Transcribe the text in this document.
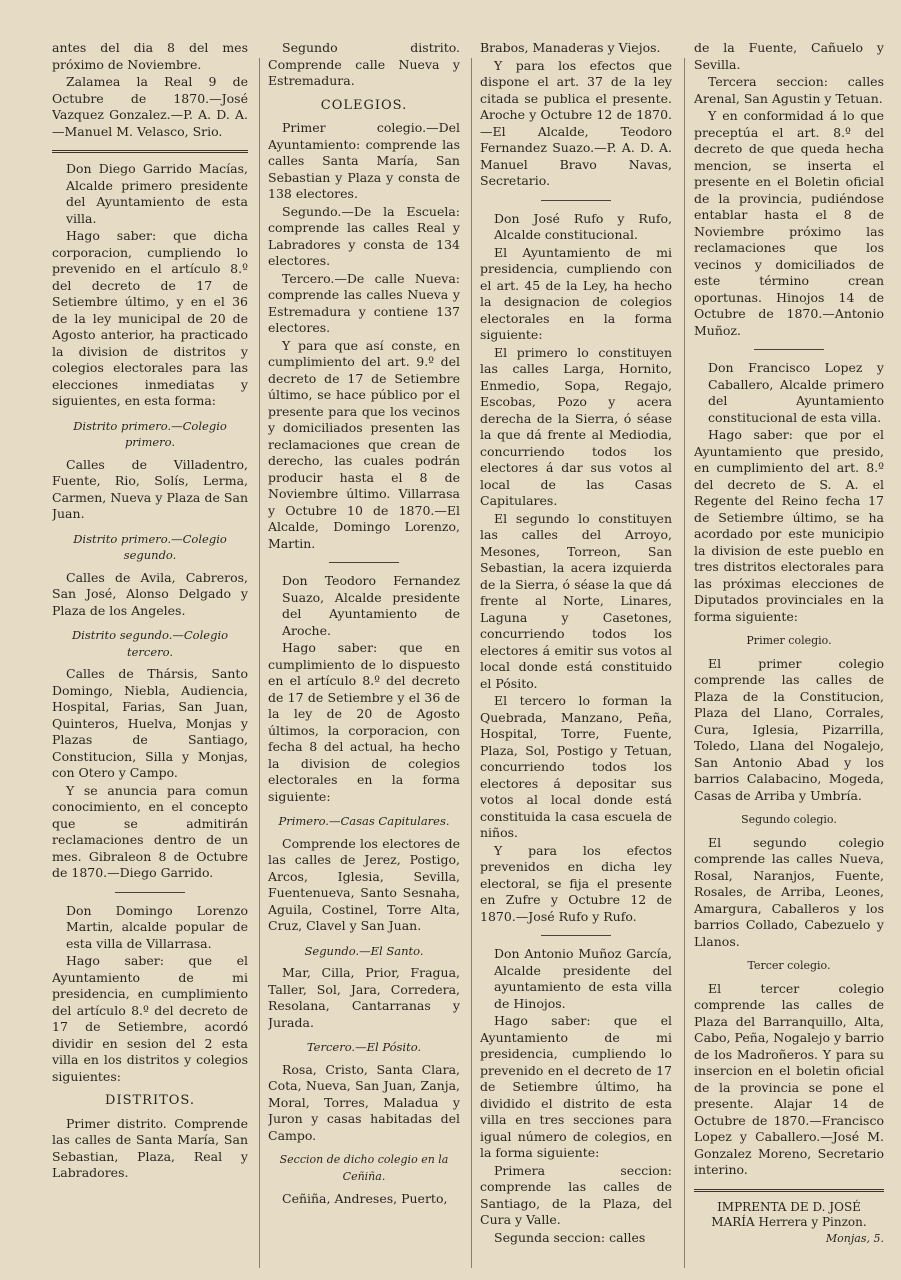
antes del dia 8 del mes próximo de Noviembre.

Zalamea la Real 9 de Octubre de 1870.—José Vazquez Gonzalez.—P. A. D. A. —Manuel M. Velasco, Srio.

Don Diego Garrido Macías, Alcalde primero presidente del Ayuntamiento de esta villa.

Hago saber: que dicha corporacion, cumpliendo lo prevenido en el artículo 8.º del decreto de 17 de Setiembre último, y en el 36 de la ley municipal de 20 de Agosto anterior, ha practicado la division de distritos y colegios electorales para las elecciones inmediatas y siguientes, en esta forma:

Distrito primero.—Colegio primero.

Calles de Villadentro, Fuente, Rio, Solís, Lerma, Carmen, Nueva y Plaza de San Juan.

Distrito primero.—Colegio segundo.

Calles de Avila, Cabreros, San José, Alonso Delgado y Plaza de los Angeles.

Distrito segundo.—Colegio tercero.

Calles de Thársis, Santo Domingo, Niebla, Audiencia, Hospital, Farias, San Juan, Quinteros, Huelva, Monjas y Plazas de Santiago, Constitucion, Silla y Monjas, con Otero y Campo.

Y se anuncia para comun conocimiento, en el concepto que se admitirán reclamaciones dentro de un mes. Gibraleon 8 de Octubre de 1870.—Diego Garrido.

Don Domingo Lorenzo Martin, alcalde popular de esta villa de Villarrasa.

Hago saber: que el Ayuntamiento de mi presidencia, en cumplimiento del artículo 8.º del decreto de 17 de Setiembre, acordó dividir en sesion del 2 esta villa en los distritos y colegios siguientes:

DISTRITOS.

Primer distrito. Comprende las calles de Santa María, San Sebastian, Plaza, Real y Labradores.

Segundo distrito. Comprende calle Nueva y Estremadura.

COLEGIOS.

Primer colegio.—Del Ayuntamiento: comprende las calles Santa María, San Sebastian y Plaza y consta de 138 electores.

Segundo.—De la Escuela: comprende las calles Real y Labradores y consta de 134 electores.

Tercero.—De calle Nueva: comprende las calles Nueva y Estremadura y contiene 137 electores.

Y para que así conste, en cumplimiento del art. 9.º del decreto de 17 de Setiembre último, se hace público por el presente para que los vecinos y domiciliados presenten las reclamaciones que crean de derecho, las cuales podrán producir hasta el 8 de Noviembre último. Villarrasa y Octubre 10 de 1870.—El Alcalde, Domingo Lorenzo, Martin.

Don Teodoro Fernandez Suazo, Alcalde presidente del Ayuntamiento de Aroche.

Hago saber: que en cumplimiento de lo dispuesto en el artículo 8.º del decreto de 17 de Setiembre y el 36 de la ley de 20 de Agosto últimos, la corporacion, con fecha 8 del actual, ha hecho la division de colegios electorales en la forma siguiente:

Primero.—Casas Capitulares.

Comprende los electores de las calles de Jerez, Postigo, Arcos, Iglesia, Sevilla, Fuentenueva, Santo Sesnaha, Aguila, Costinel, Torre Alta, Cruz, Clavel y San Juan.

Segundo.—El Santo.

Mar, Cilla, Prior, Fragua, Taller, Sol, Jara, Corredera, Resolana, Cantarranas y Jurada.

Tercero.—El Pósito.

Rosa, Cristo, Santa Clara, Cota, Nueva, San Juan, Zanja, Moral, Torres, Maladua y Juron y casas habitadas del Campo.

Seccion de dicho colegio en la Ceñiña.

Ceñiña, Andreses, Puerto,

Brabos, Manaderas y Viejos.

Y para los efectos que dispone el art. 37 de la ley citada se publica el presente. Aroche y Octubre 12 de 1870.—El Alcalde, Teodoro Fernandez Suazo.—P. A. D. A. Manuel Bravo Navas, Secretario.

Don José Rufo y Rufo, Alcalde constitucional.

El Ayuntamiento de mi presidencia, cumpliendo con el art. 45 de la Ley, ha hecho la designacion de colegios electorales en la forma siguiente:

El primero lo constituyen las calles Larga, Hornito, Enmedio, Sopa, Regajo, Escobas, Pozo y acera derecha de la Sierra, ó séase la que dá frente al Mediodia, concurriendo todos los electores á dar sus votos al local de las Casas Capitulares.

El segundo lo constituyen las calles del Arroyo, Mesones, Torreon, San Sebastian, la acera izquierda de la Sierra, ó séase la que dá frente al Norte, Linares, Laguna y Casetones, concurriendo todos los electores á emitir sus votos al local donde está constituido el Pósito.

El tercero lo forman la Quebrada, Manzano, Peña, Hospital, Torre, Fuente, Plaza, Sol, Postigo y Tetuan, concurriendo todos los electores á depositar sus votos al local donde está constituida la casa escuela de niños.

Y para los efectos prevenidos en dicha ley electoral, se fija el presente en Zufre y Octubre 12 de 1870.—José Rufo y Rufo.

Don Antonio Muñoz García, Alcalde presidente del ayuntamiento de esta villa de Hinojos.

Hago saber: que el Ayuntamiento de mi presidencia, cumpliendo lo prevenido en el decreto de 17 de Setiembre último, ha dividido el distrito de esta villa en tres secciones para igual número de colegios, en la forma siguiente:

Primera seccion: comprende las calles de Santiago, de la Plaza, del Cura y Valle.

Segunda seccion: calles

de la Fuente, Cañuelo y Sevilla.

Tercera seccion: calles Arenal, San Agustin y Tetuan.

Y en conformidad á lo que preceptúa el art. 8.º del decreto de que queda hecha mencion, se inserta el presente en el Boletin oficial de la provincia, pudiéndose entablar hasta el 8 de Noviembre próximo las reclamaciones que los vecinos y domiciliados de este término crean oportunas. Hinojos 14 de Octubre de 1870.—Antonio Muñoz.

Don Francisco Lopez y Caballero, Alcalde primero del Ayuntamiento constitucional de esta villa.

Hago saber: que por el Ayuntamiento que presido, en cumplimiento del art. 8.º del decreto de S. A. el Regente del Reino fecha 17 de Setiembre último, se ha acordado por este municipio la division de este pueblo en tres distritos electorales para las próximas elecciones de Diputados provinciales en la forma siguiente:

Primer colegio.

El primer colegio comprende las calles de Plaza de la Constitucion, Plaza del Llano, Corrales, Cura, Iglesia, Pizarrilla, Toledo, Llana del Nogalejo, San Antonio Abad y los barrios Calabacino, Mogeda, Casas de Arriba y Umbría.

Segundo colegio.

El segundo colegio comprende las calles Nueva, Rosal, Naranjos, Fuente, Rosales, de Arriba, Leones, Amargura, Caballeros y los barrios Collado, Cabezuelo y Llanos.

Tercer colegio.

El tercer colegio comprende las calles de Plaza del Barranquillo, Alta, Cabo, Peña, Nogalejo y barrio de los Madroñeros. Y para su insercion en el boletin oficial de la provincia se pone el presente. Alajar 14 de Octubre de 1870.—Francisco Lopez y Caballero.—José M. Gonzalez Moreno, Secretario interino.

IMPRENTA DE D. JOSÉ MARÍA Herrera y Pinzon.

Monjas, 5.
